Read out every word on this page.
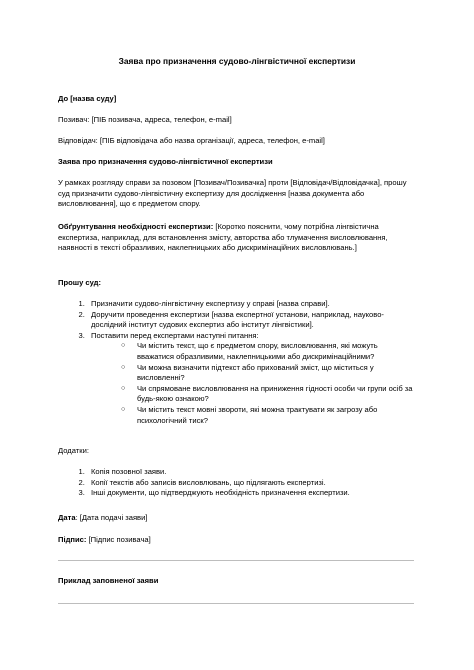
Заява про призначення судово-лінгвістичної експертизи
До [назва суду]
Позивач: [ПІБ позивача, адреса, телефон, e-mail]
Відповідач: [ПІБ відповідача або назва організації, адреса, телефон, e-mail]
Заява про призначення судово-лінгвістичної експертизи
У рамках розгляду справи за позовом [Позивач/Позивачка] проти [Відповідач/Відповідачка], прошу суд призначити судово-лінгвістичну експертизу для дослідження [назва документа або висловлювання], що є предметом спору.
Обґрунтування необхідності експертизи: [Коротко пояснити, чому потрібна лінгвістична експертиза, наприклад, для встановлення змісту, авторства або тлумачення висловлювання, наявності в тексті образливих, наклепницьких або дискримінаційних висловлювань.]
Прошу суд:
1. Призначити судово-лінгвістичну експертизу у справі [назва справи].
2. Доручити проведення експертизи [назва експертної установи, наприклад, науково-дослідний інститут судових експертиз або інститут лінгвістики].
3. Поставити перед експертами наступні питання:
○ Чи містить текст, що є предметом спору, висловлювання, які можуть вважатися образливими, наклепницькими або дискримінаційними?
○ Чи можна визначити підтекст або прихований зміст, що міститься у висловленні?
○ Чи спрямоване висловлювання на приниження гідності особи чи групи осіб за будь-якою ознакою?
○ Чи містить текст мовні звороти, які можна трактувати як загрозу або психологічний тиск?
Додатки:
1. Копія позовної заяви.
2. Копії текстів або записів висловлювань, що підлягають експертизі.
3. Інші документи, що підтверджують необхідність призначення експертизи.
Дата: [Дата подачі заяви]
Підпис: [Підпис позивача]
Приклад заповненої заяви
